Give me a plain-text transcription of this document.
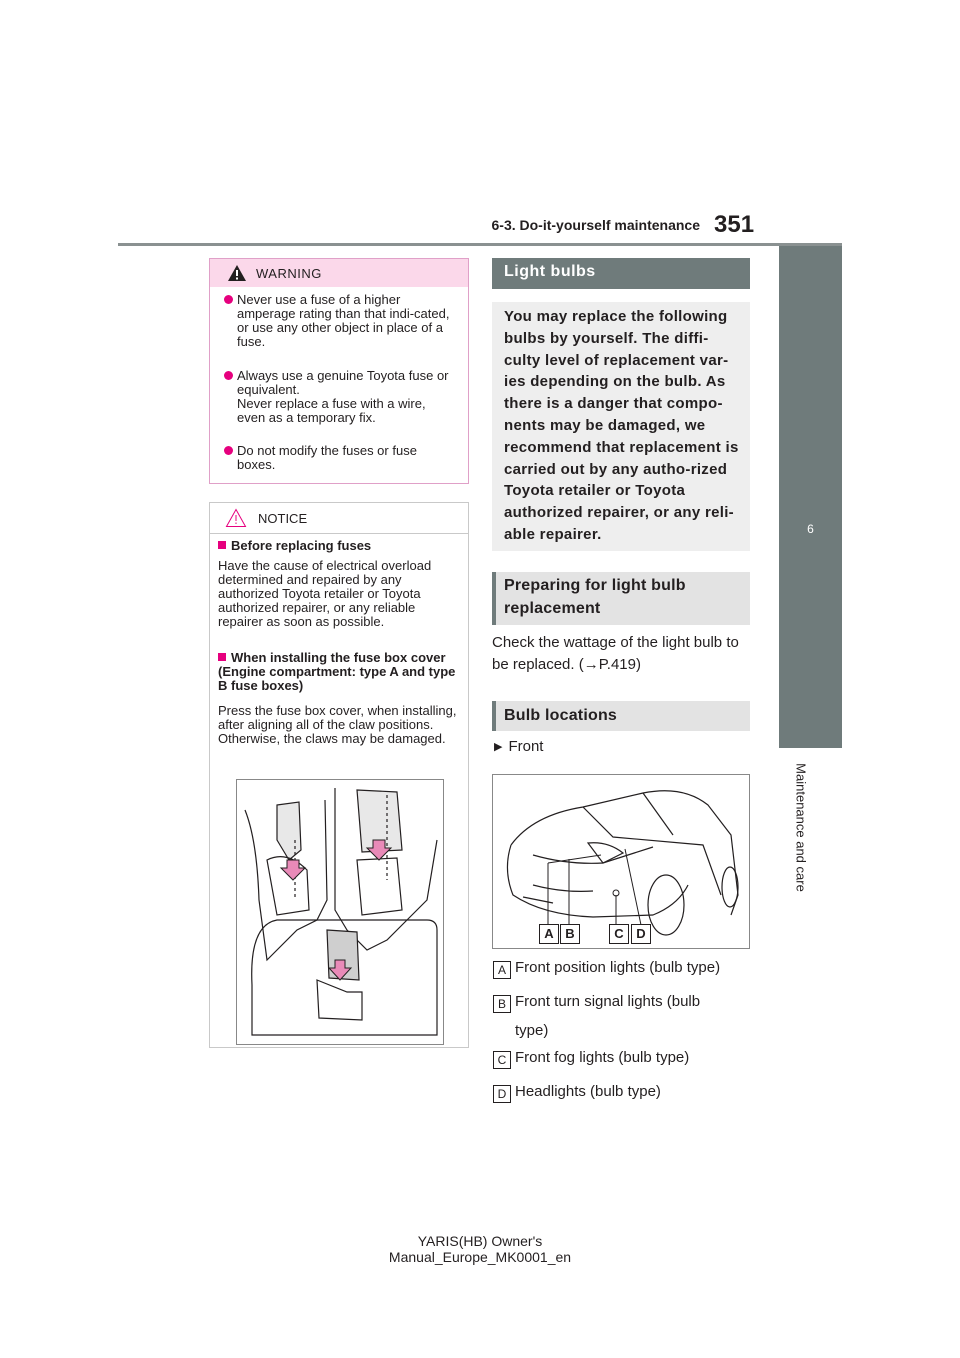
6-3. Do-it-yourself maintenance 351
6
Maintenance and care
WARNING
Never use a fuse of a higher amperage rating than that indi-cated, or use any other object in place of a fuse.
Always use a genuine Toyota fuse or equivalent.
Never replace a fuse with a wire, even as a temporary fix.
Do not modify the fuses or fuse boxes.
NOTICE
Before replacing fuses
Have the cause of electrical overload determined and repaired by any authorized Toyota retailer or Toyota authorized repairer, or any reliable repairer as soon as possible.
When installing the fuse box cover (Engine compartment: type A and type B fuse boxes)
Press the fuse box cover, when installing, after aligning all of the claw positions. Otherwise, the claws may be damaged.
Light bulbs

You may replace the following bulbs by yourself. The diffi-culty level of replacement var-ies depending on the bulb. As there is a danger that compo-nents may be damaged, we recommend that replacement is carried out by any autho-rized Toyota retailer or Toyota authorized repairer, or any reli-able repairer.

Preparing for light bulb replacement
Check the wattage of the light bulb to be replaced. (→P.419)
Bulb locations
▶ Front
A B	C D
A Front position lights (bulb type)
B Front turn signal lights (bulb type)
C Front fog lights (bulb type)
D Headlights (bulb type)
YARIS(HB) Owner's Manual_Europe_MK0001_en
